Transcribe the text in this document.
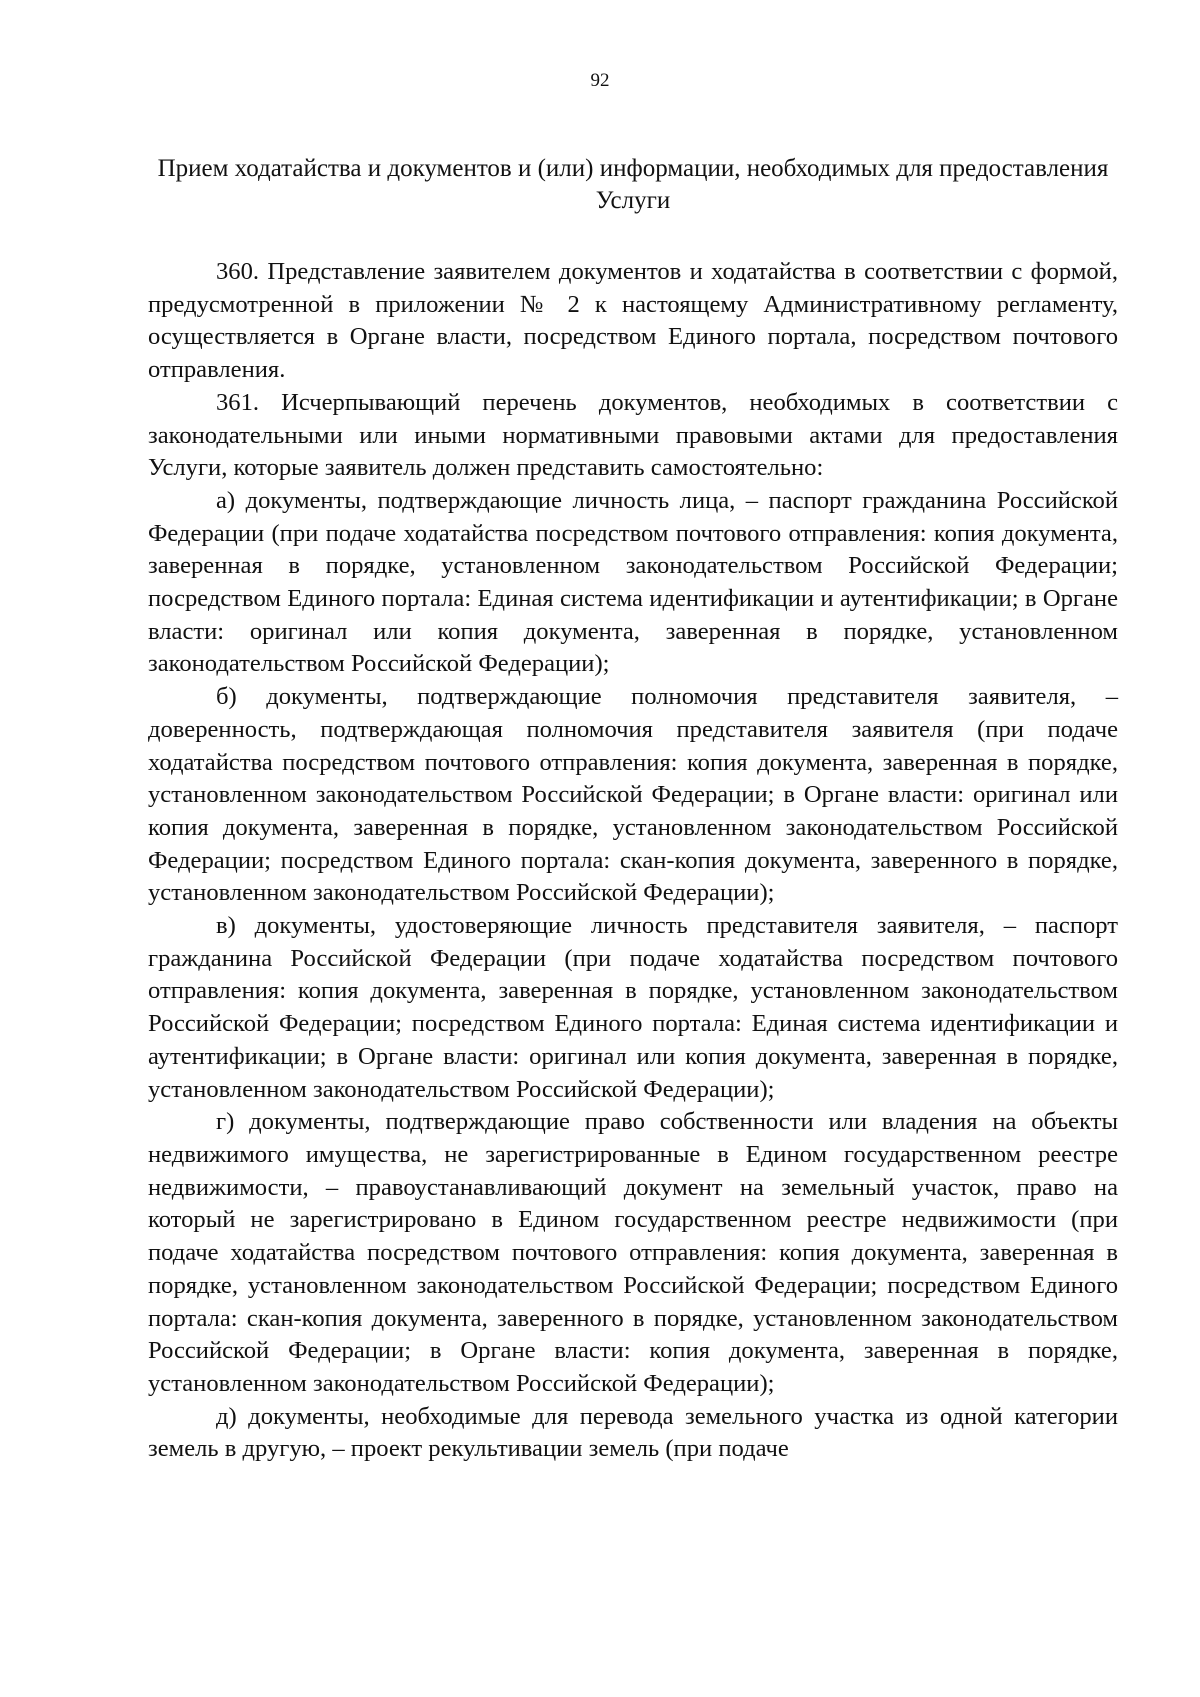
92
Прием ходатайства и документов и (или) информации, необходимых для предоставления Услуги

360. Представление заявителем документов и ходатайства в соответствии с формой, предусмотренной в приложении № 2 к настоящему Административному регламенту, осуществляется в Органе власти, посредством Единого портала, посредством почтового отправления.

361. Исчерпывающий перечень документов, необходимых в соответствии с законодательными или иными нормативными правовыми актами для предоставления Услуги, которые заявитель должен представить самостоятельно:

а) документы, подтверждающие личность лица, – паспорт гражданина Российской Федерации (при подаче ходатайства посредством почтового отправления: копия документа, заверенная в порядке, установленном законодательством Российской Федерации; посредством Единого портала: Единая система идентификации и аутентификации; в Органе власти: оригинал или копия документа, заверенная в порядке, установленном законодательством Российской Федерации);

б) документы, подтверждающие полномочия представителя заявителя, – доверенность, подтверждающая полномочия представителя заявителя (при подаче ходатайства посредством почтового отправления: копия документа, заверенная в порядке, установленном законодательством Российской Федерации; в Органе власти: оригинал или копия документа, заверенная в порядке, установленном законодательством Российской Федерации; посредством Единого портала: скан-копия документа, заверенного в порядке, установленном законодательством Российской Федерации);

в) документы, удостоверяющие личность представителя заявителя, – паспорт гражданина Российской Федерации (при подаче ходатайства посредством почтового отправления: копия документа, заверенная в порядке, установленном законодательством Российской Федерации; посредством Единого портала: Единая система идентификации и аутентификации; в Органе власти: оригинал или копия документа, заверенная в порядке, установленном законодательством Российской Федерации);

г) документы, подтверждающие право собственности или владения на объекты недвижимого имущества, не зарегистрированные в Едином государственном реестре недвижимости, – правоустанавливающий документ на земельный участок, право на который не зарегистрировано в Едином государственном реестре недвижимости (при подаче ходатайства посредством почтового отправления: копия документа, заверенная в порядке, установленном законодательством Российской Федерации; посредством Единого портала: скан-копия документа, заверенного в порядке, установленном законодательством Российской Федерации; в Органе власти: копия документа, заверенная в порядке, установленном законодательством Российской Федерации);

д) документы, необходимые для перевода земельного участка из одной категории земель в другую, – проект рекультивации земель (при подаче
